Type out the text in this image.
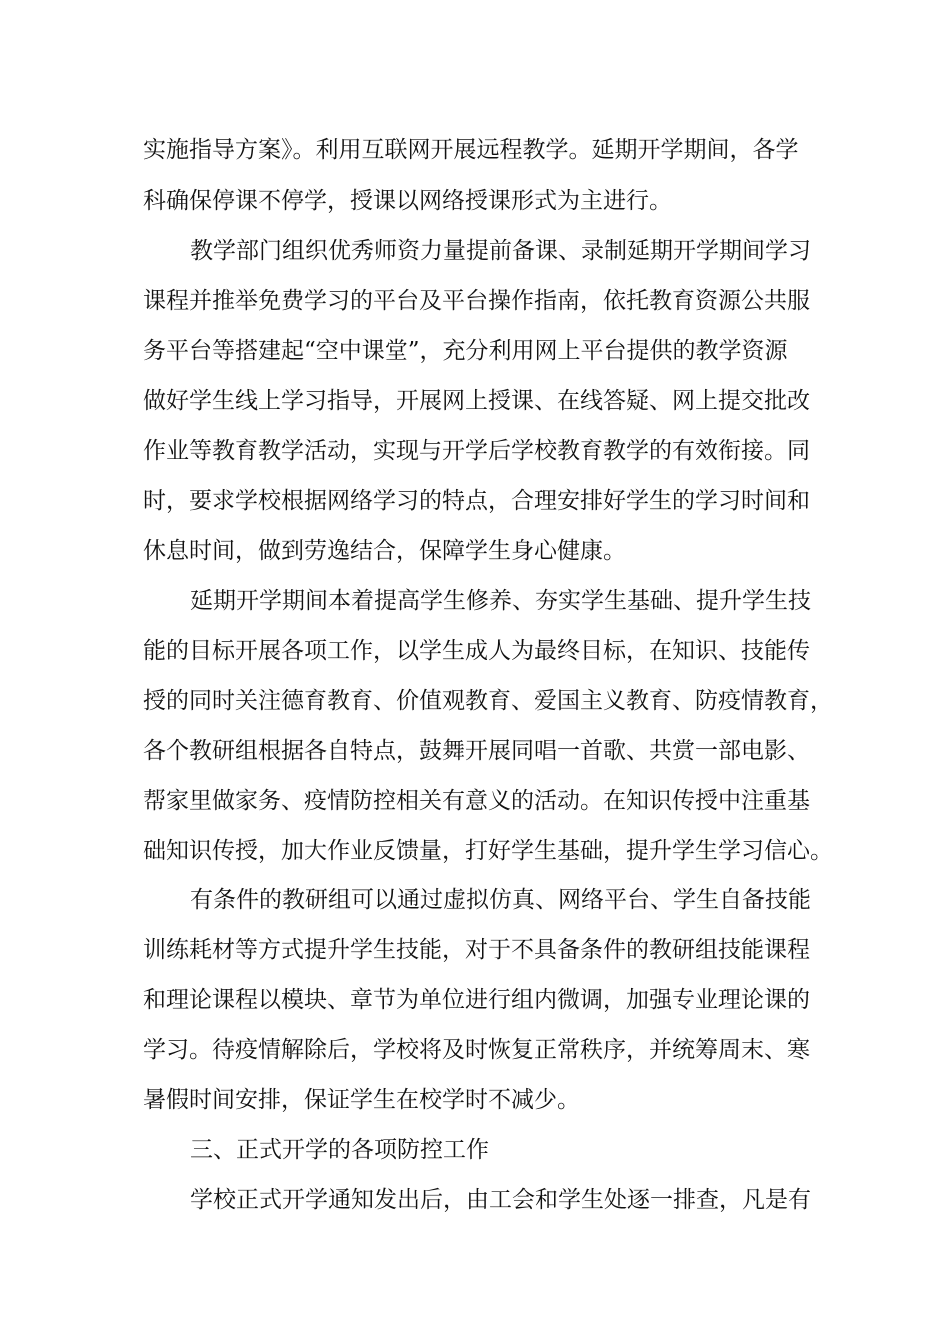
实施指导方案》。利用互联网开展远程教学。延期开学期间，各学
科确保停课不停学，授课以网络授课形式为主进行。
教学部门组织优秀师资力量提前备课、录制延期开学期间学习
课程并推举免费学习的平台及平台操作指南，依托教育资源公共服
务平台等搭建起“空中课堂”，充分利用网上平台提供的教学资源
做好学生线上学习指导，开展网上授课、在线答疑、网上提交批改
作业等教育教学活动，实现与开学后学校教育教学的有效衔接。同
时，要求学校根据网络学习的特点，合理安排好学生的学习时间和
休息时间，做到劳逸结合，保障学生身心健康。
延期开学期间本着提高学生修养、夯实学生基础、提升学生技
能的目标开展各项工作，以学生成人为最终目标，在知识、技能传
授的同时关注德育教育、价值观教育、爱国主义教育、防疫情教育，
各个教研组根据各自特点，鼓舞开展同唱一首歌、共赏一部电影、
帮家里做家务、疫情防控相关有意义的活动。在知识传授中注重基
础知识传授，加大作业反馈量，打好学生基础，提升学生学习信心。
有条件的教研组可以通过虚拟仿真、网络平台、学生自备技能
训练耗材等方式提升学生技能，对于不具备条件的教研组技能课程
和理论课程以模块、章节为单位进行组内微调，加强专业理论课的
学习。待疫情解除后，学校将及时恢复正常秩序，并统筹周末、寒
暑假时间安排，保证学生在校学时不减少。
三、正式开学的各项防控工作
学校正式开学通知发出后，由工会和学生处逐一排查，凡是有
